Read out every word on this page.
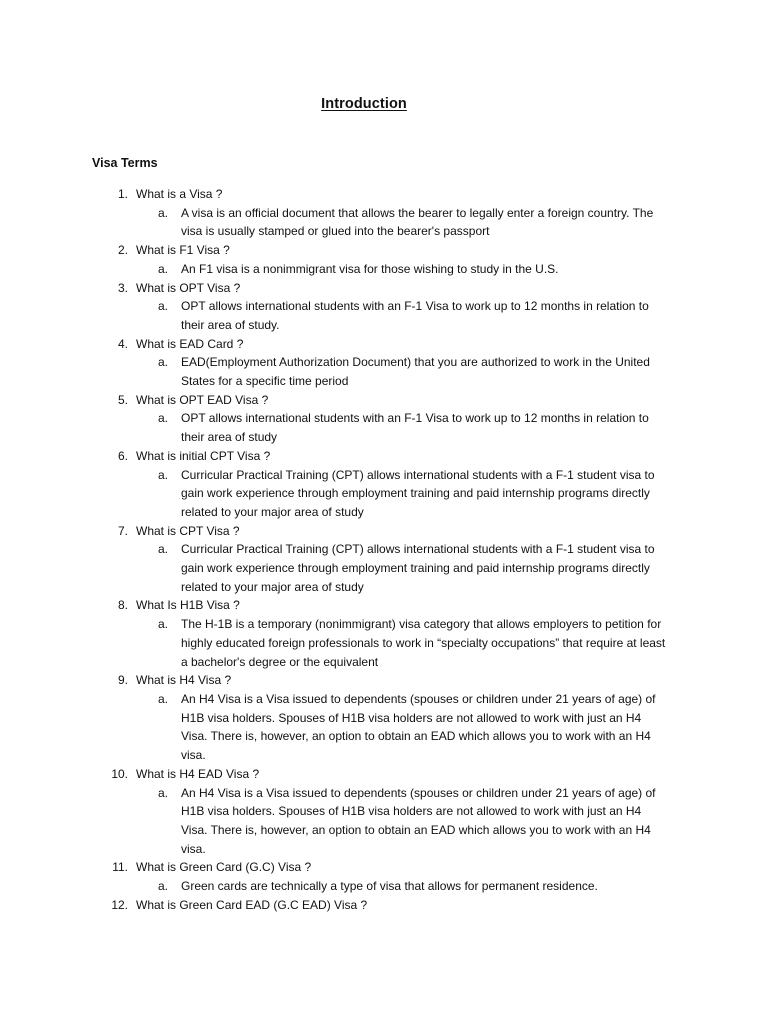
Introduction
Visa Terms
1. What is a Visa ?
a. A visa is an official document that allows the bearer to legally enter a foreign country. The visa is usually stamped or glued into the bearer's passport
2. What is F1 Visa ?
a. An F1 visa is a nonimmigrant visa for those wishing to study in the U.S.
3. What is OPT Visa ?
a. OPT allows international students with an F-1 Visa to work up to 12 months in relation to their area of study.
4. What is EAD Card ?
a. EAD(Employment Authorization Document) that you are authorized to work in the United States for a specific time period
5. What is OPT EAD Visa ?
a. OPT allows international students with an F-1 Visa to work up to 12 months in relation to their area of study
6. What is initial CPT Visa ?
a. Curricular Practical Training (CPT) allows international students with a F-1 student visa to gain work experience through employment training and paid internship programs directly related to your major area of study
7. What is CPT Visa ?
a. Curricular Practical Training (CPT) allows international students with a F-1 student visa to gain work experience through employment training and paid internship programs directly related to your major area of study
8. What Is H1B Visa ?
a. The H-1B is a temporary (nonimmigrant) visa category that allows employers to petition for highly educated foreign professionals to work in “specialty occupations” that require at least a bachelor's degree or the equivalent
9. What is H4 Visa ?
a. An H4 Visa is a Visa issued to dependents (spouses or children under 21 years of age) of H1B visa holders. Spouses of H1B visa holders are not allowed to work with just an H4 Visa. There is, however, an option to obtain an EAD which allows you to work with an H4 visa.
10. What is H4 EAD Visa ?
a. An H4 Visa is a Visa issued to dependents (spouses or children under 21 years of age) of H1B visa holders. Spouses of H1B visa holders are not allowed to work with just an H4 Visa. There is, however, an option to obtain an EAD which allows you to work with an H4 visa.
11. What is Green Card (G.C) Visa ?
a. Green cards are technically a type of visa that allows for permanent residence.
12. What is Green Card EAD (G.C EAD) Visa ?
